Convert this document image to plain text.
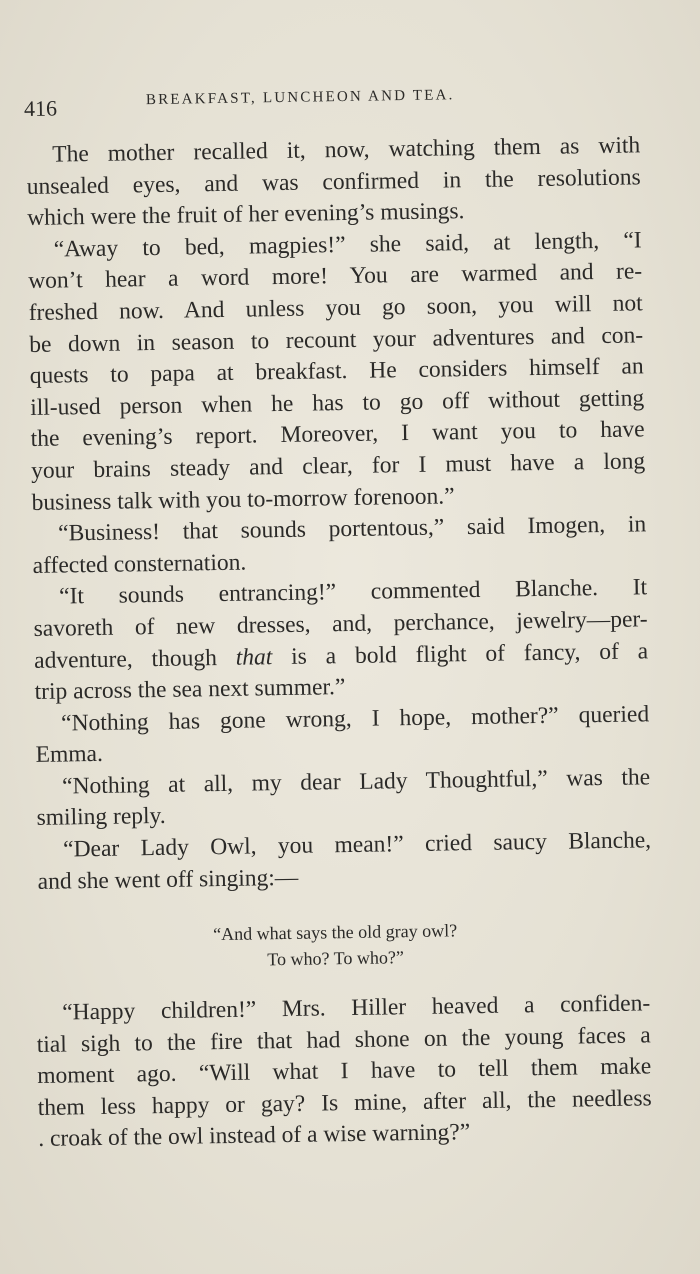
416	BREAKFAST, LUNCHEON AND TEA.
The mother recalled it, now, watching them as with
unsealed eyes, and was confirmed in the resolutions
which were the fruit of her evening’s musings.
“Away to bed, magpies!” she said, at length, “I
won’t hear a word more! You are warmed and re-
freshed now. And unless you go soon, you will not
be down in season to recount your adventures and con-
quests to papa at breakfast. He considers himself an
ill-used person when he has to go off without getting
the evening’s report. Moreover, I want you to have
your brains steady and clear, for I must have a long
business talk with you to-morrow forenoon.”
“Business! that sounds portentous,” said Imogen, in
affected consternation.
“It sounds entrancing!” commented Blanche. It
savoreth of new dresses, and, perchance, jewelry—per-
adventure, though that is a bold flight of fancy, of a
trip across the sea next summer.”
“Nothing has gone wrong, I hope, mother?” queried
Emma.
“Nothing at all, my dear Lady Thoughtful,” was the
smiling reply.
“Dear Lady Owl, you mean!” cried saucy Blanche,
and she went off singing:—
“And what says the old gray owl?
To who? To who?”
“Happy children!” Mrs. Hiller heaved a confiden-
tial sigh to the fire that had shone on the young faces a
moment ago. “Will what I have to tell them make
them less happy or gay? Is mine, after all, the needless
. croak of the owl instead of a wise warning?”
